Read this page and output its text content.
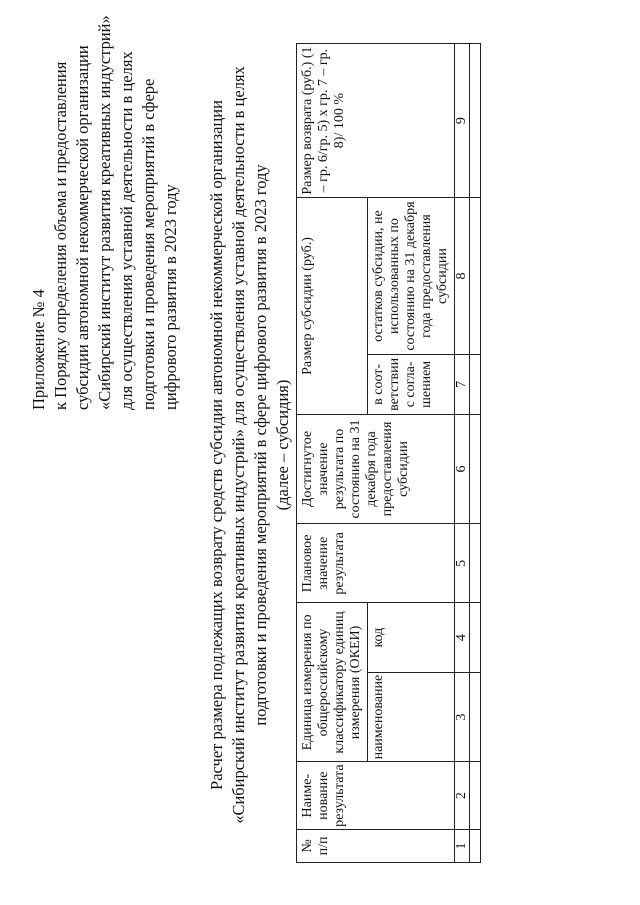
Приложение № 4 к Порядку определения объема и предоставления субсидии автономной некоммерческой организации «Сибирский институт развития креативных индустрий» для осуществления уставной деятельности в целях подготовки и проведения мероприятий в сфере цифрового развития в 2023 году Расчет размера подлежащих возврату средств субсидии автономной некоммерческой организации «Сибирский институт развития креативных индустрий» для осуществления уставной деятельности в целях подготовки и проведения мероприятий в сфере цифрового развития в 2023 году (далее – субсидия)
№ п/п	Наиме-нование результата	Единица измерения по общероссийскому классификатору единиц измерения (ОКЕИ)		Плановое значение результата	Достигнутое значение результата по состоянию на 31 декабря года предоставления субсидии	Размер субсидии (руб.)		Размер возврата (руб.) (1 – гр. 6/гр. 5) х гр. 7 – гр. 8)/ 100 %
		наименование	код			в соот-ветствии с согла-шением	остатков субсидии, не использованных по состоянию на 31 декабря года предоставления субсидии	
1	2	3	4	5	6	7	8	9
